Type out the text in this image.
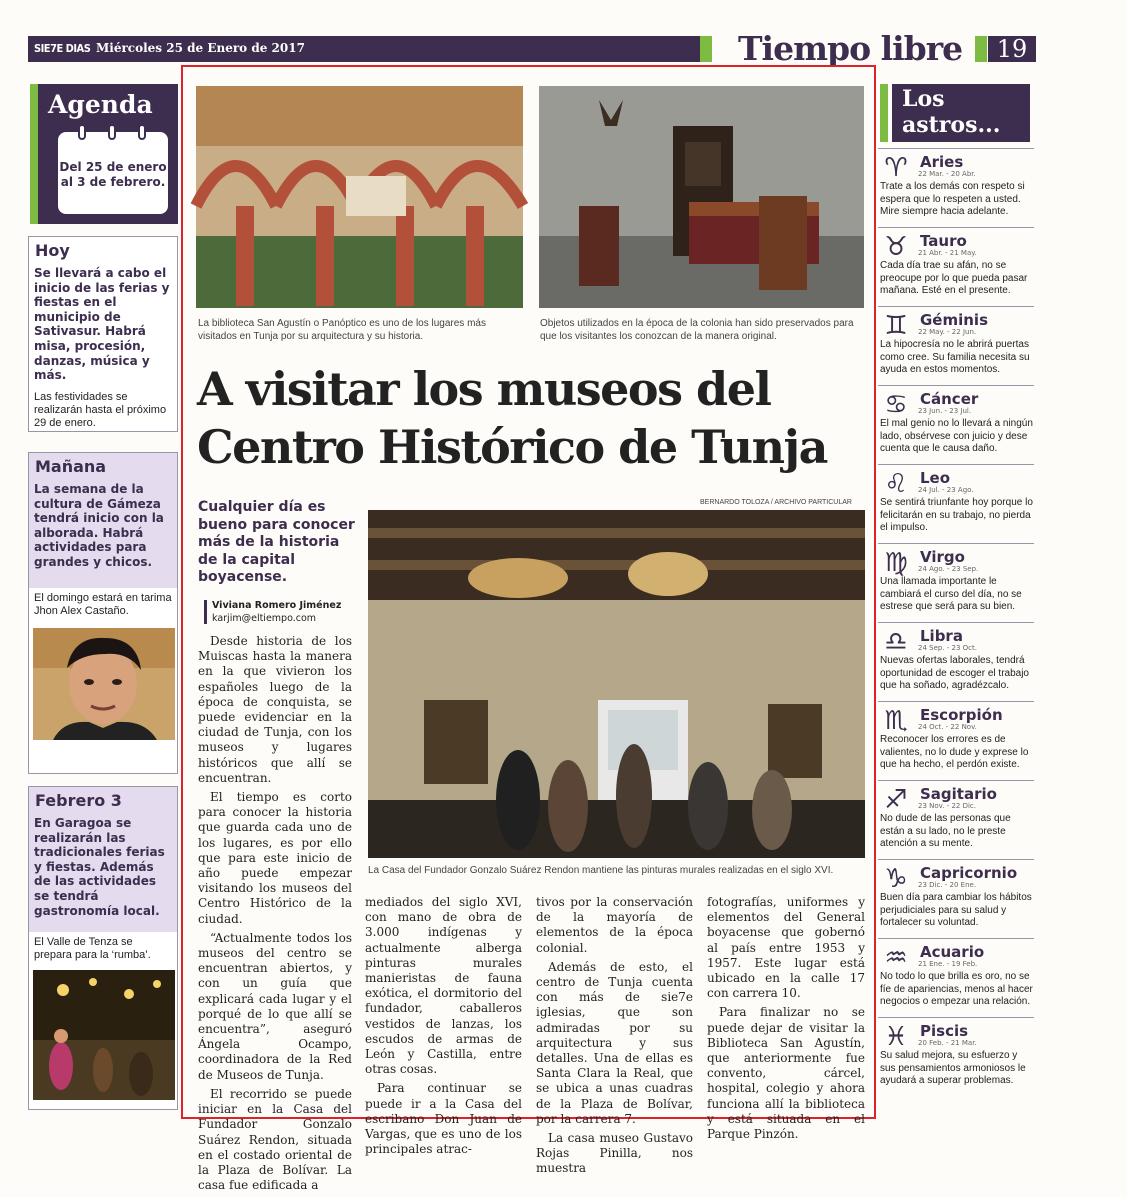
SIE7E DIAS Miércoles 25 de Enero de 2017	Tiempo libre	19
Agenda
Del 25 de enero al 3 de febrero.
Hoy
Se llevará a cabo el inicio de las ferias y fiestas en el municipio de Sativasur. Habrá misa, procesión, danzas, música y más.
Las festividades se realizarán hasta el próximo 29 de enero.
Mañana
La semana de la cultura de Gámeza tendrá inicio con la alborada. Habrá actividades para grandes y chicos.
El domingo estará en tarima Jhon Alex Castaño.
Febrero 3
En Garagoa se realizarán las tradicionales ferias y fiestas. Además de las actividades se tendrá gastronomía local.
El Valle de Tenza se prepara para la ‘rumba’.
La biblioteca San Agustín o Panóptico es uno de los lugares más visitados en Tunja por su arquitectura y su historia.
Objetos utilizados en la época de la colonia han sido preservados para que los visitantes los conozcan de la manera original.
A visitar los museos del Centro Histórico de Tunja
Cualquier día es bueno para conocer más de la historia de la capital boyacense.
Viviana Romero Jiménez
karjim@eltiempo.com
BERNARDO TOLOZA / ARCHIVO PARTICULAR
La Casa del Fundador Gonzalo Suárez Rendon mantiene las pinturas murales realizadas en el siglo XVI.

Desde historia de los Muiscas hasta la manera en la que vivieron los españoles luego de la época de conquista, se puede evidenciar en la ciudad de Tunja, con los museos y lugares históricos que allí se encuentran.

El tiempo es corto para conocer la historia que guarda cada uno de los lugares, es por ello que para este inicio de año puede empezar visitando los museos del Centro Histórico de la ciudad.

“Actualmente todos los museos del centro se encuentran abiertos, y con un guía que explicará cada lugar y el porqué de lo que allí se encuentra”, aseguró Ángela Ocampo, coordinadora de la Red de Museos de Tunja.

El recorrido se puede iniciar en la Casa del Fundador Gonzalo Suárez Rendon, situada en el costado oriental de la Plaza de Bolívar. La casa fue edificada a

mediados del siglo XVI, con mano de obra de 3.000 indígenas y actualmente alberga pinturas murales manieristas de fauna exótica, el dormitorio del fundador, caballeros vestidos de lanzas, los escudos de armas de León y Castilla, entre otras cosas.

Para continuar se puede ir a la Casa del escribano Don Juan de Vargas, que es uno de los principales atrac-

tivos por la conservación de la mayoría de elementos de la época colonial.

Además de esto, el centro de Tunja cuenta con más de sie7e iglesias, que son admiradas por su arquitectura y sus detalles. Una de ellas es Santa Clara la Real, que se ubica a unas cuadras de la Plaza de Bolívar, por la carrera 7.

La casa museo Gustavo Rojas Pinilla, nos muestra

fotografías, uniformes y elementos del General boyacense que gobernó al país entre 1953 y 1957. Este lugar está ubicado en la calle 17 con carrera 10.

Para finalizar no se puede dejar de visitar la Biblioteca San Agustín, que anteriormente fue convento, cárcel, hospital, colegio y ahora funciona allí la biblioteca y está situada en el Parque Pinzón.

Los astros...
♈ Aries
22 Mar. - 20 Abr.
Trate a los demás con respeto si espera que lo respeten a usted. Mire siempre hacia adelante.
♉ Tauro
21 Abr. - 21 May.
Cada día trae su afán, no se preocupe por lo que pueda pasar mañana. Esté en el presente.
♊ Géminis
22 May. - 22 Jun.
La hipocresía no le abrirá puertas como cree. Su familia necesita su ayuda en estos momentos.
♋ Cáncer
23 Jun. - 23 Jul.
El mal genio no lo llevará a ningún lado, obsérvese con juicio y dese cuenta que le causa daño.
♌ Leo
24 Jul. - 23 Ago.
Se sentirá triunfante hoy porque lo felicitarán en su trabajo, no pierda el impulso.
♍ Virgo
24 Ago. - 23 Sep.
Una llamada importante le cambiará el curso del día, no se estrese que será para su bien.
♎ Libra
24 Sep. - 23 Oct.
Nuevas ofertas laborales, tendrá oportunidad de escoger el trabajo que ha soñado, agradézcalo.
♏ Escorpión
24 Oct. - 22 Nov.
Reconocer los errores es de valientes, no lo dude y exprese lo que ha hecho, el perdón existe.
♐ Sagitario
23 Nov. - 22 Dic.
No dude de las personas que están a su lado, no le preste atención a su mente.
♑ Capricornio
23 Dic. - 20 Ene.
Buen día para cambiar los hábitos perjudiciales para su salud y fortalecer su voluntad.
♒ Acuario
21 Ene. - 19 Feb.
No todo lo que brilla es oro, no se fíe de apariencias, menos al hacer negocios o empezar una relación.
♓ Piscis
20 Feb. - 21 Mar.
Su salud mejora, su esfuerzo y sus pensamientos armoniosos le ayudará a superar problemas.
